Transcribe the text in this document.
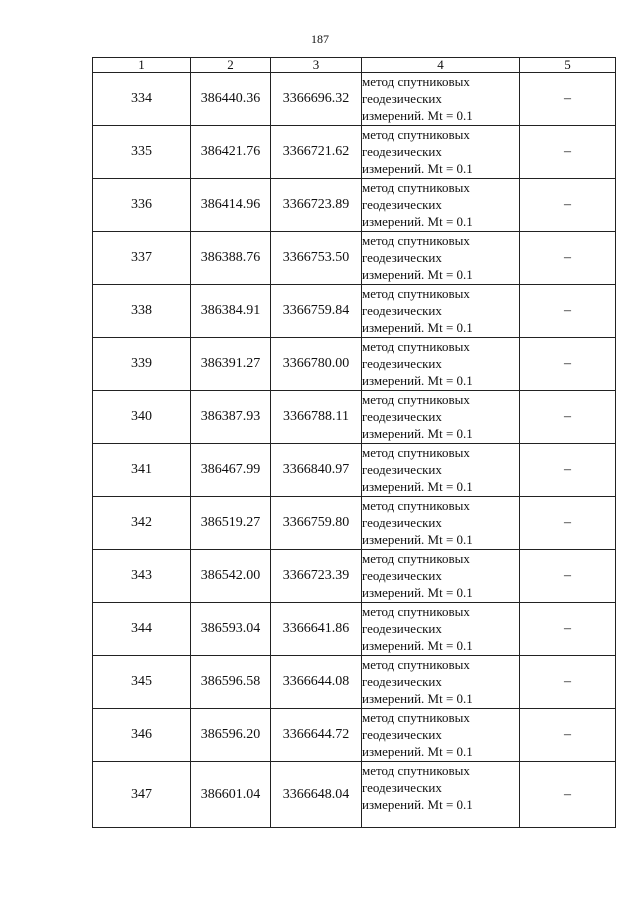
187
1	2	3	4	5
334	386440.36	3366696.32	метод спутниковых
геодезических
измерений. Mt = 0.1	–
335	386421.76	3366721.62	метод спутниковых
геодезических
измерений. Mt = 0.1	–
336	386414.96	3366723.89	метод спутниковых
геодезических
измерений. Mt = 0.1	–
337	386388.76	3366753.50	метод спутниковых
геодезических
измерений. Mt = 0.1	–
338	386384.91	3366759.84	метод спутниковых
геодезических
измерений. Mt = 0.1	–
339	386391.27	3366780.00	метод спутниковых
геодезических
измерений. Mt = 0.1	–
340	386387.93	3366788.11	метод спутниковых
геодезических
измерений. Mt = 0.1	–
341	386467.99	3366840.97	метод спутниковых
геодезических
измерений. Mt = 0.1	–
342	386519.27	3366759.80	метод спутниковых
геодезических
измерений. Mt = 0.1	–
343	386542.00	3366723.39	метод спутниковых
геодезических
измерений. Mt = 0.1	–
344	386593.04	3366641.86	метод спутниковых
геодезических
измерений. Mt = 0.1	–
345	386596.58	3366644.08	метод спутниковых
геодезических
измерений. Mt = 0.1	–
346	386596.20	3366644.72	метод спутниковых
геодезических
измерений. Mt = 0.1	–
347	386601.04	3366648.04	метод спутниковых
геодезических
измерений. Mt = 0.1	–
